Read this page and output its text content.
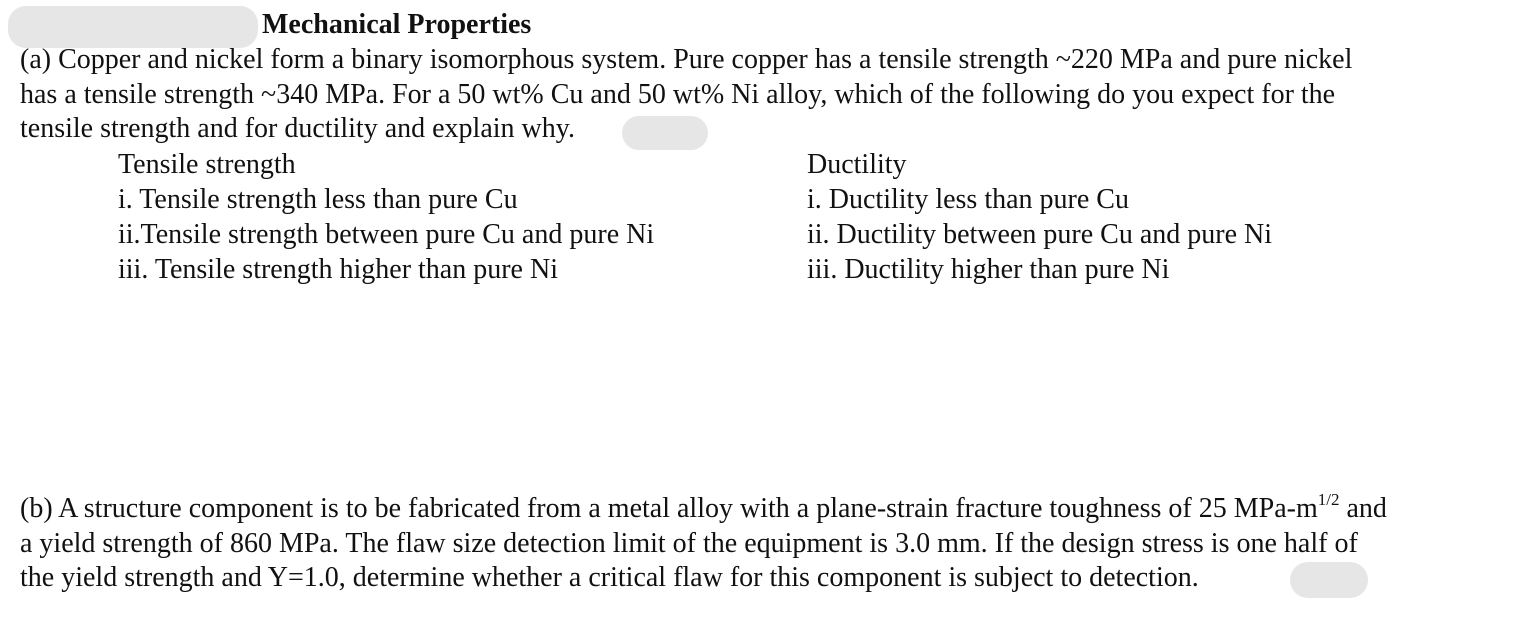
Mechanical Properties
(a) Copper and nickel form a binary isomorphous system. Pure copper has a tensile strength ~220 MPa and pure nickel
has a tensile strength ~340 MPa. For a 50 wt% Cu and 50 wt% Ni alloy, which of the following do you expect for the
tensile strength and for ductility and explain why.
Tensile strength
i. Tensile strength less than pure Cu
ii.Tensile strength between pure Cu and pure Ni
iii. Tensile strength higher than pure Ni
Ductility
i. Ductility less than pure Cu
ii. Ductility between pure Cu and pure Ni
iii. Ductility higher than pure Ni
(b) A structure component is to be fabricated from a metal alloy with a plane-strain fracture toughness of 25 MPa-$m^{1/2}$ and
a yield strength of 860 MPa. The flaw size detection limit of the equipment is 3.0 mm. If the design stress is one half of
the yield strength and Y=1.0, determine whether a critical flaw for this component is subject to detection.
